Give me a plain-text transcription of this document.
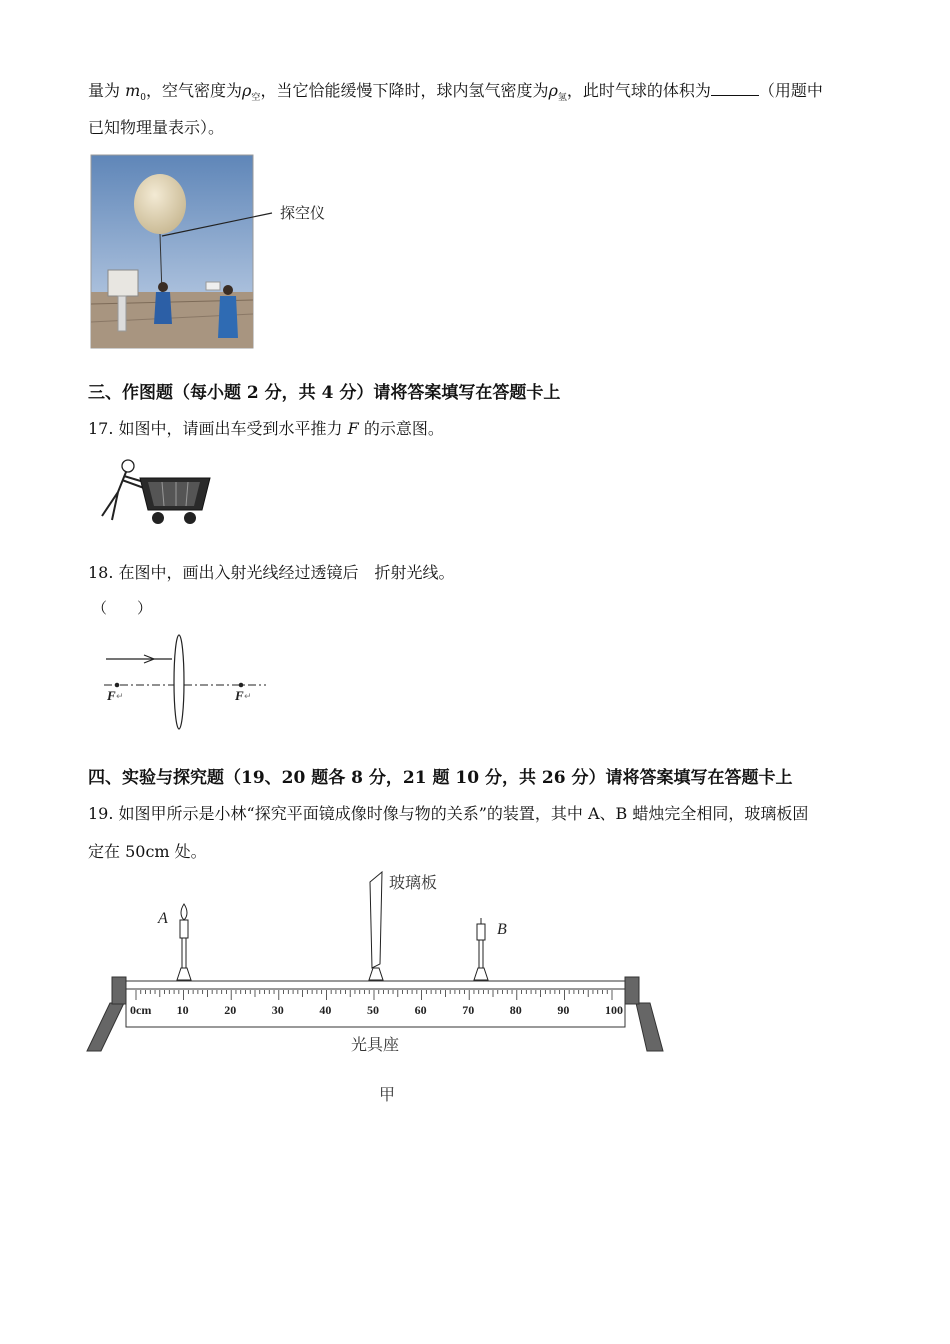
量为 $m_0$，空气密度为$\rho_空$，当它恰能缓慢下降时，球内氢气密度为$\rho_氢$，此时气球的体积为	（用题中
已知物理量表示）。
探空仪
三、作图题（每小题 2 分，共 4 分）请将答案填写在答题卡上
17. 如图中，请画出车受到水平推力 F 的示意图。
18. 在图中，画出入射光线经过透镜后　折射光线。
（　　）
F	F
↵	↵
四、实验与探究题（19、20 题各 8 分，21 题 10 分，共 26 分）请将答案填写在答题卡上
19. 如图甲所示是小林“探究平面镜成像时像与物的关系”的装置，其中 A、B 蜡烛完全相同，玻璃板固
定在 50cm 处。
0cm 10	20	30	40	50	60	70	80	90	100
A
玻璃板
B
光具座
甲
